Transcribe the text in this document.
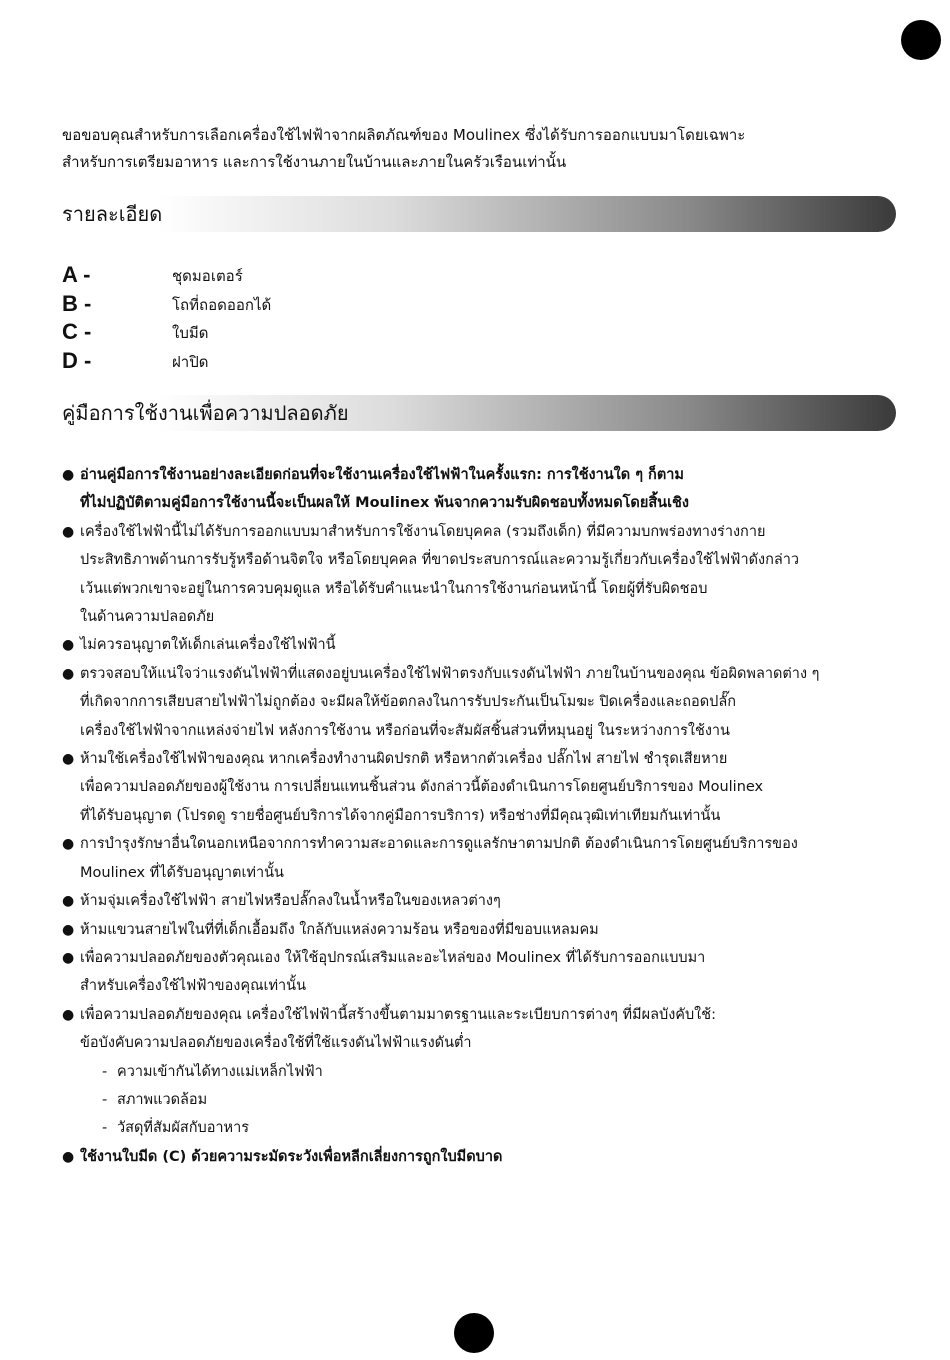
ขอขอบคุณสำหรับการเลือกเครื่องใช้ไฟฟ้าจากผลิตภัณฑ์ของ Moulinex ซึ่งได้รับการออกแบบมาโดยเฉพาะ

สำหรับการเตรียมอาหาร และการใช้งานภายในบ้านและภายในครัวเรือนเท่านั้น

รายละเอียด
A -	ชุดมอเตอร์
B -	โถที่ถอดออกได้
C -	ใบมีด
D -	ฝาปิด
คู่มือการใช้งานเพื่อความปลอดภัย
● อ่านคู่มือการใช้งานอย่างละเอียดก่อนที่จะใช้งานเครื่องใช้ไฟฟ้าในครั้งแรก: การใช้งานใด ๆ ก็ตาม

ที่ไม่ปฏิบัติตามคู่มือการใช้งานนี้จะเป็นผลให้ Moulinex พ้นจากความรับผิดชอบทั้งหมดโดยสิ้นเชิง

● เครื่องใช้ไฟฟ้านี้ไม่ได้รับการออกแบบมาสำหรับการใช้งานโดยบุคคล (รวมถึงเด็ก) ที่มีความบกพร่องทางร่างกาย

ประสิทธิภาพด้านการรับรู้หรือด้านจิตใจ หรือโดยบุคคล ที่ขาดประสบการณ์และความรู้เกี่ยวกับเครื่องใช้ไฟฟ้าดังกล่าว

เว้นแต่พวกเขาจะอยู่ในการควบคุมดูแล หรือได้รับคำแนะนำในการใช้งานก่อนหน้านี้ โดยผู้ที่รับผิดชอบ

ในด้านความปลอดภัย

● ไม่ควรอนุญาตให้เด็กเล่นเครื่องใช้ไฟฟ้านี้

● ตรวจสอบให้แน่ใจว่าแรงดันไฟฟ้าที่แสดงอยู่บนเครื่องใช้ไฟฟ้าตรงกับแรงดันไฟฟ้า ภายในบ้านของคุณ ข้อผิดพลาดต่าง ๆ

ที่เกิดจากการเสียบสายไฟฟ้าไม่ถูกต้อง จะมีผลให้ข้อตกลงในการรับประกันเป็นโมฆะ ปิดเครื่องและถอดปลั๊ก

เครื่องใช้ไฟฟ้าจากแหล่งจ่ายไฟ หลังการใช้งาน หรือก่อนที่จะสัมผัสชิ้นส่วนที่หมุนอยู่ ในระหว่างการใช้งาน

● ห้ามใช้เครื่องใช้ไฟฟ้าของคุณ หากเครื่องทำงานผิดปรกติ หรือหากตัวเครื่อง ปลั๊กไฟ สายไฟ ชำรุดเสียหาย

เพื่อความปลอดภัยของผู้ใช้งาน การเปลี่ยนแทนชิ้นส่วน ดังกล่าวนี้ต้องดำเนินการโดยศูนย์บริการของ Moulinex

ที่ได้รับอนุญาต (โปรดดู รายชื่อศูนย์บริการได้จากคู่มือการบริการ) หรือช่างที่มีคุณวุฒิเท่าเทียมกันเท่านั้น

● การบำรุงรักษาอื่นใดนอกเหนือจากการทำความสะอาดและการดูแลรักษาตามปกติ ต้องดำเนินการโดยศูนย์บริการของ

Moulinex ที่ได้รับอนุญาตเท่านั้น

● ห้ามจุ่มเครื่องใช้ไฟฟ้า สายไฟหรือปลั๊กลงในน้ำหรือในของเหลวต่างๆ

● ห้ามแขวนสายไฟในที่ที่เด็กเอื้อมถึง ใกล้กับแหล่งความร้อน หรือของที่มีขอบแหลมคม

● เพื่อความปลอดภัยของตัวคุณเอง ให้ใช้อุปกรณ์เสริมและอะไหล่ของ Moulinex ที่ได้รับการออกแบบมา

สำหรับเครื่องใช้ไฟฟ้าของคุณเท่านั้น

● เพื่อความปลอดภัยของคุณ เครื่องใช้ไฟฟ้านี้สร้างขึ้นตามมาตรฐานและระเบียบการต่างๆ ที่มีผลบังคับใช้:

ข้อบังคับความปลอดภัยของเครื่องใช้ที่ใช้แรงดันไฟฟ้าแรงดันต่ำ

- ความเข้ากันได้ทางแม่เหล็กไฟฟ้า
- สภาพแวดล้อม
- วัสดุที่สัมผัสกับอาหาร
● ใช้งานใบมีด (C) ด้วยความระมัดระวังเพื่อหลีกเลี่ยงการถูกใบมีดบาด
